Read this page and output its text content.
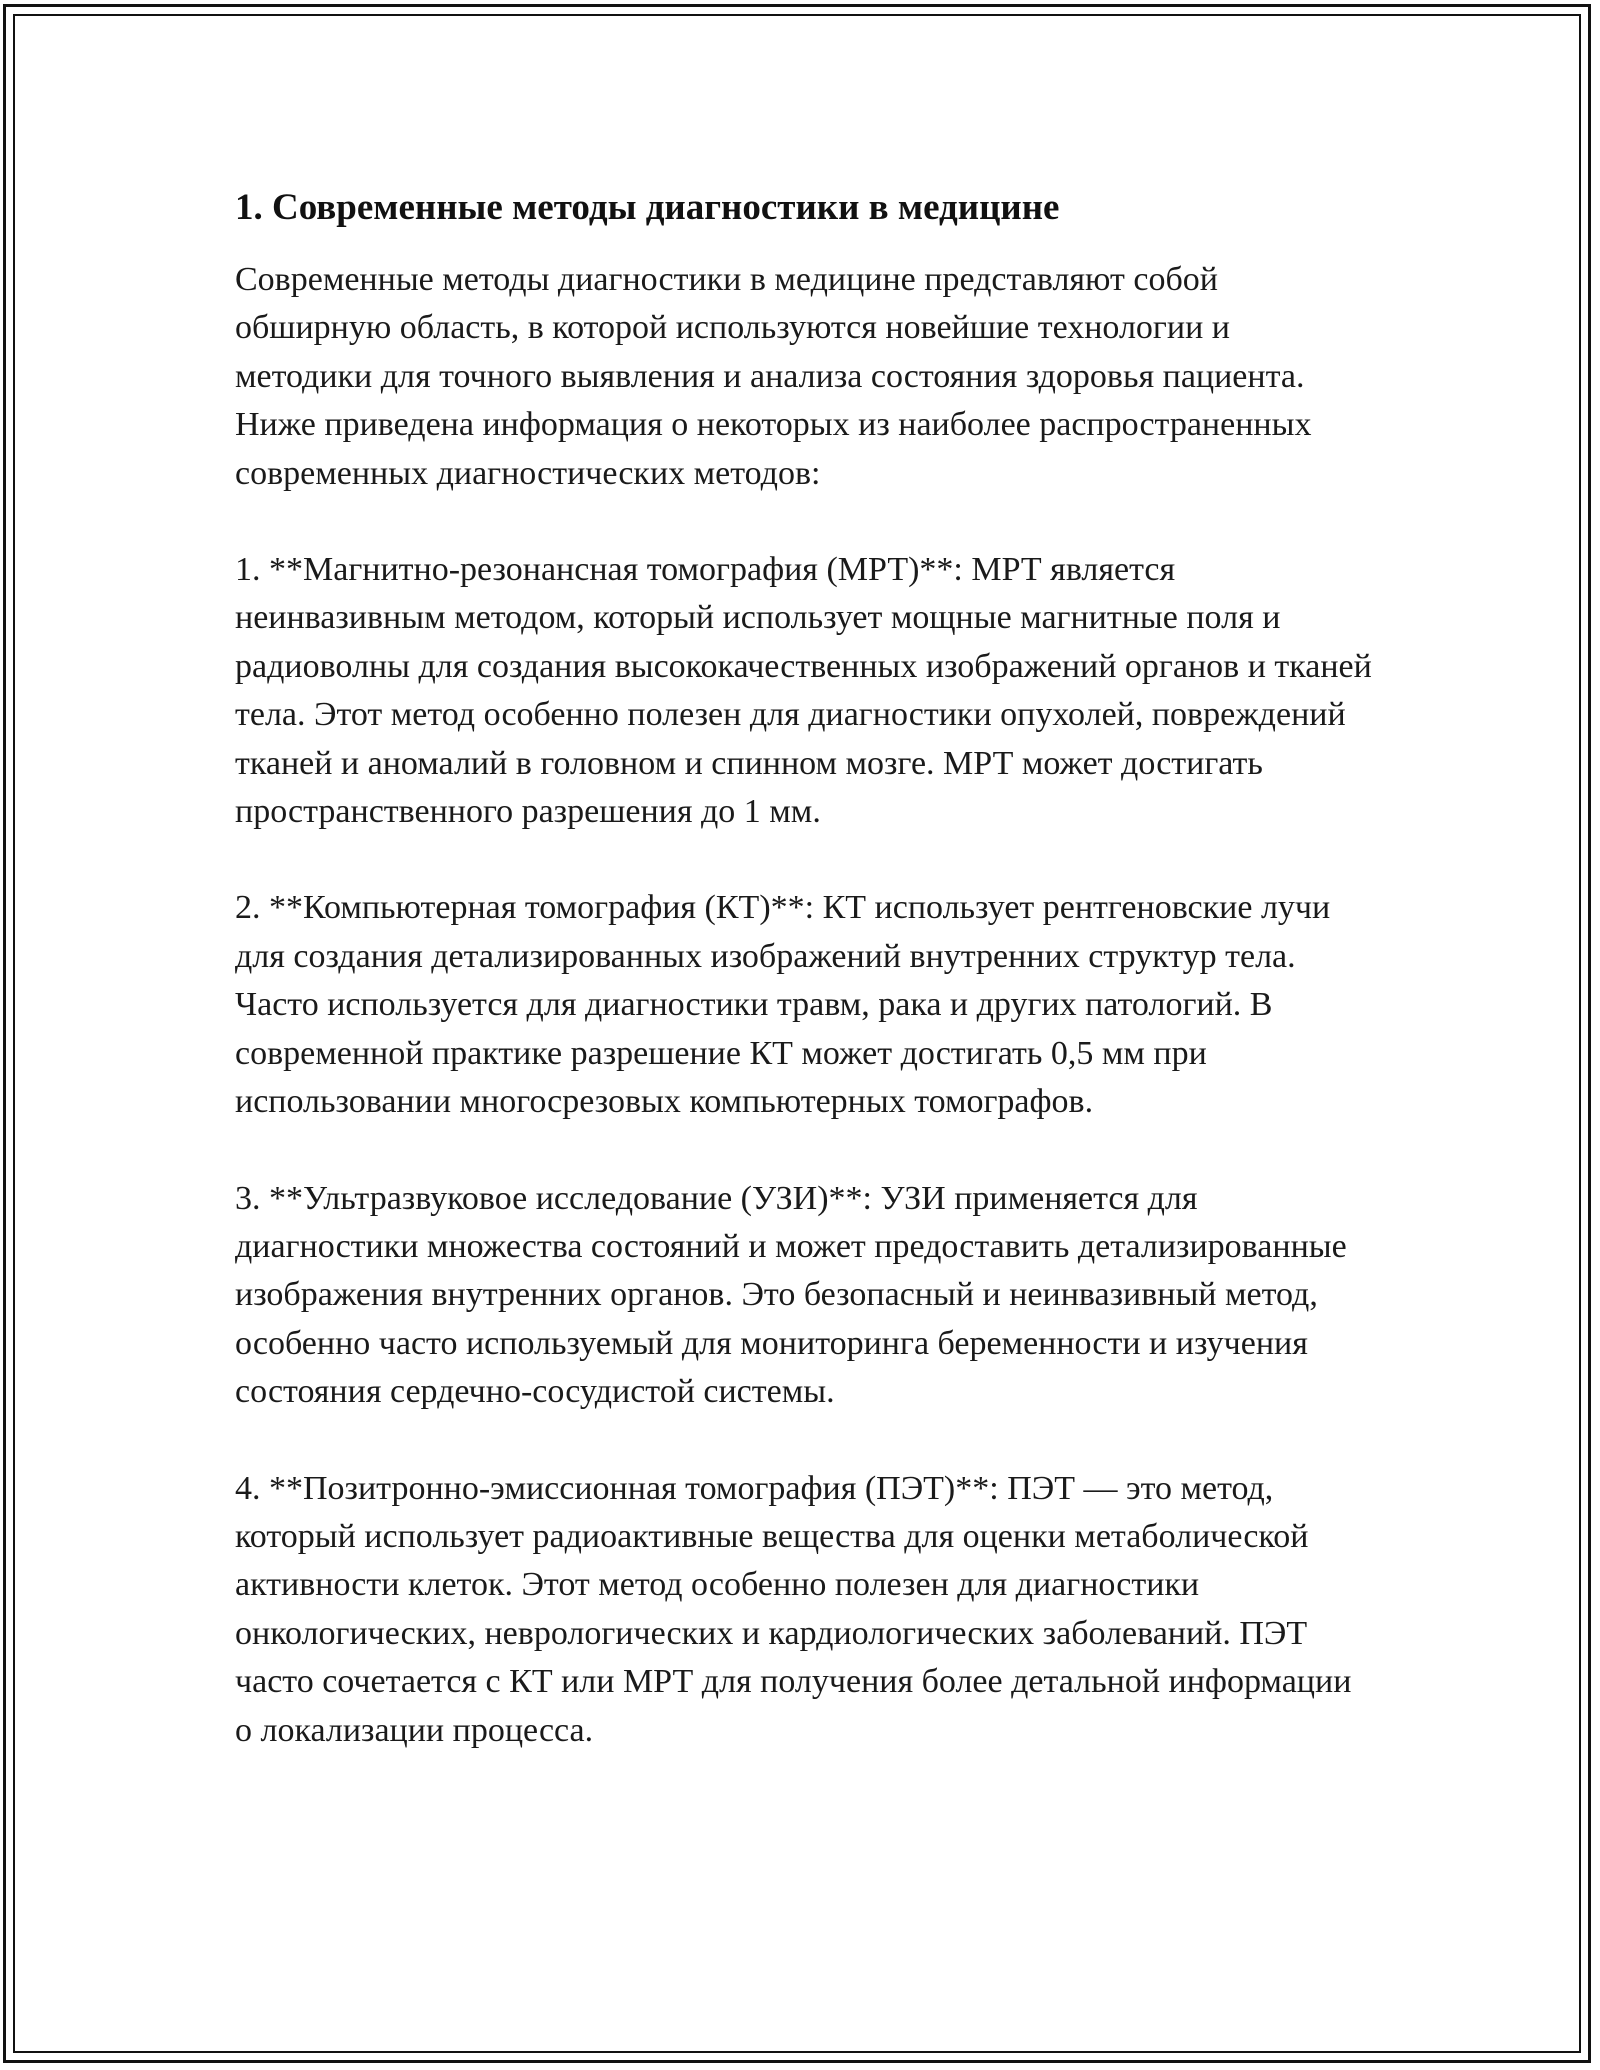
1. Современные методы диагностики в медицине

Современные методы диагностики в медицине представляют собой обширную область, в которой используются новейшие технологии и методики для точного выявления и анализа состояния здоровья пациента. Ниже приведена информация о некоторых из наиболее распространенных современных диагностических методов:

1. **Магнитно-резонансная томография (МРТ)**: МРТ является неинвазивным методом, который использует мощные магнитные поля и радиоволны для создания высококачественных изображений органов и тканей тела. Этот метод особенно полезен для диагностики опухолей, повреждений тканей и аномалий в головном и спинном мозге. МРТ может достигать пространственного разрешения до 1 мм.

2. **Компьютерная томография (КТ)**: КТ использует рентгеновские лучи для создания детализированных изображений внутренних структур тела. Часто используется для диагностики травм, рака и других патологий. В современной практике разрешение КТ может достигать 0,5 мм при использовании многосрезовых компьютерных томографов.

3. **Ультразвуковое исследование (УЗИ)**: УЗИ применяется для диагностики множества состояний и может предоставить детализированные изображения внутренних органов. Это безопасный и неинвазивный метод, особенно часто используемый для мониторинга беременности и изучения состояния сердечно-сосудистой системы.

4. **Позитронно-эмиссионная томография (ПЭТ)**: ПЭТ — это метод, который использует радиоактивные вещества для оценки метаболической активности клеток. Этот метод особенно полезен для диагностики онкологических, неврологических и кардиологических заболеваний. ПЭТ часто сочетается с КТ или МРТ для получения более детальной информации о локализации процесса.
